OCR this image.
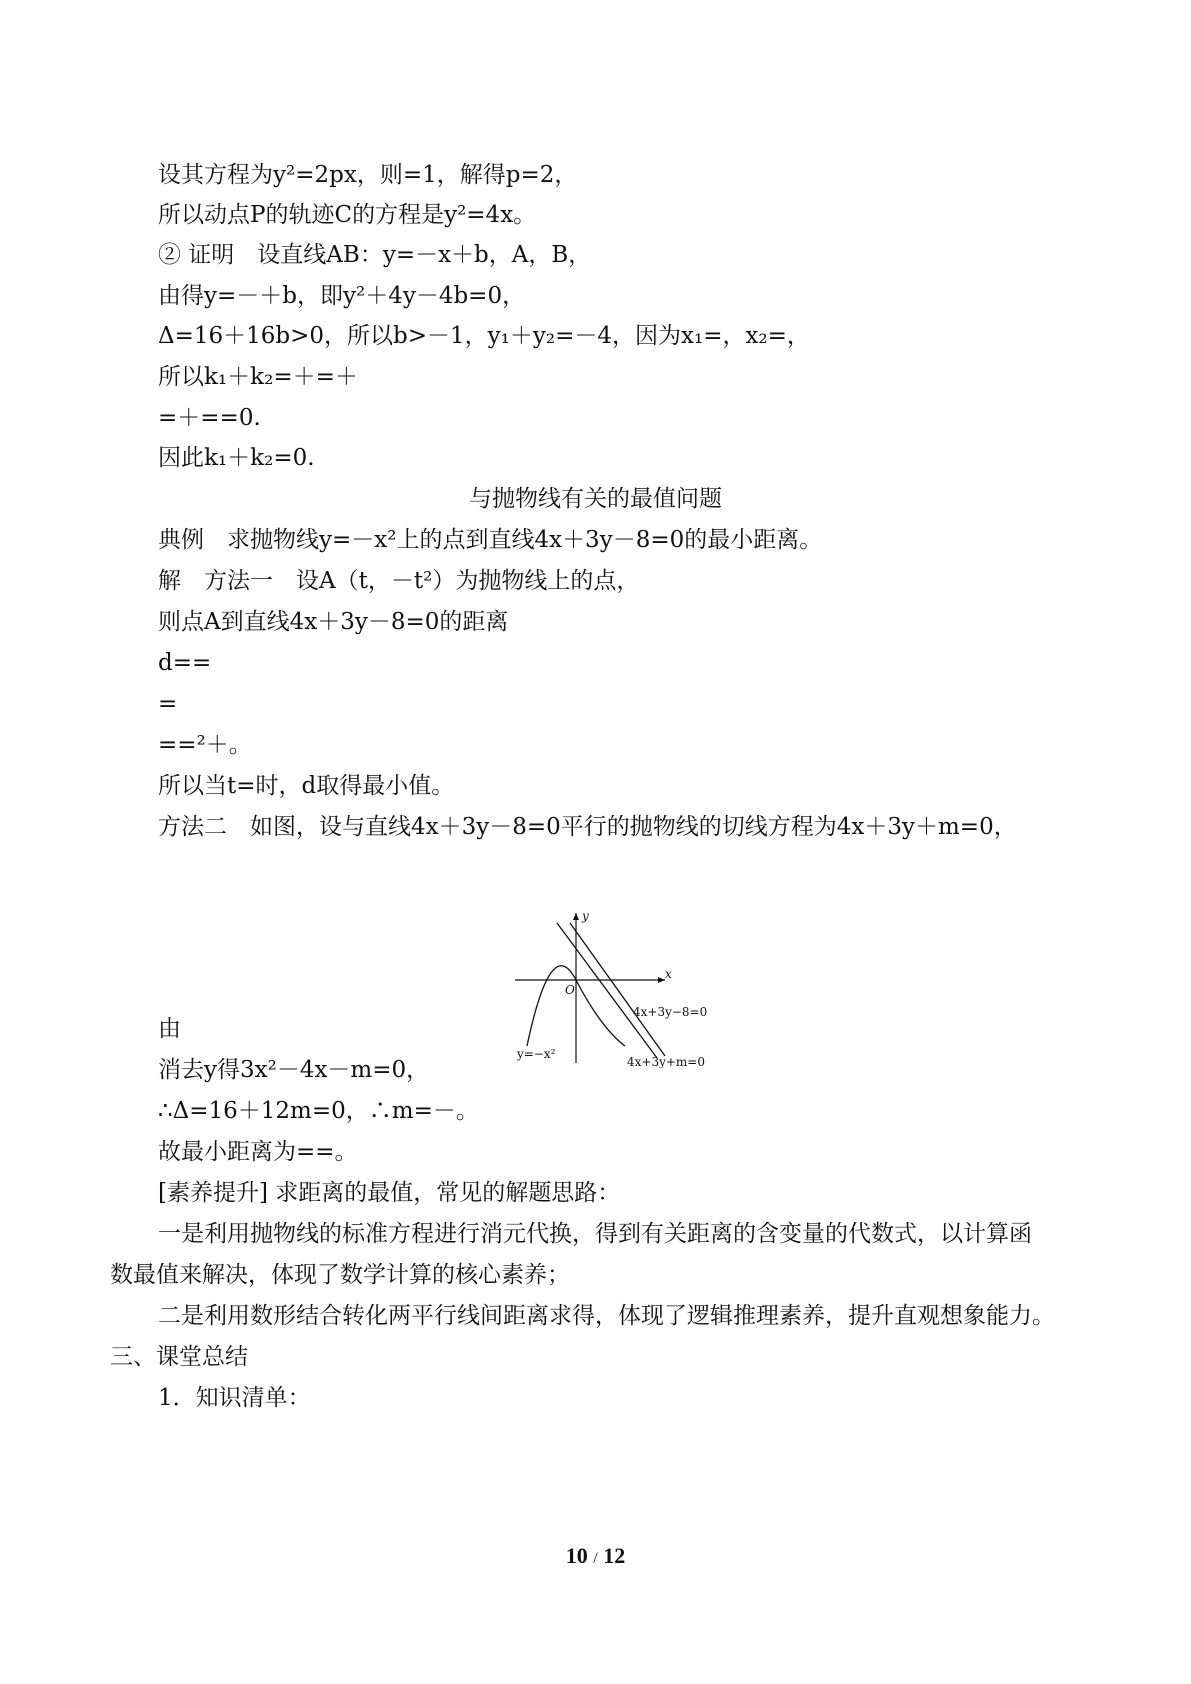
设其方程为y²=2px，则=1，解得p=2，
所以动点P的轨迹C的方程是y²=4x。
② 证明　设直线AB：y=－x＋b，A，B，
由得y=－＋b，即y²＋4y－4b=0，
Δ=16＋16b>0，所以b>－1，y₁＋y₂=－4，因为x₁=，x₂=，
所以k₁＋k₂=＋=＋
=＋==0.
因此k₁＋k₂=0.
与抛物线有关的最值问题
典例　求抛物线y=－x²上的点到直线4x＋3y－8=0的最小距离。
解　方法一　设A（t，－t²）为抛物线上的点，
则点A到直线4x＋3y－8=0的距离
d==
=
==²＋。
所以当t=时，d取得最小值。
方法二　如图，设与直线4x＋3y－8=0平行的抛物线的切线方程为4x＋3y＋m=0，
y
x
O
4x+3y−8=0
4x+3y+m=0
y=−x²
由
消去y得3x²－4x－m=0，
∴Δ=16＋12m=0，∴m=－。
故最小距离为==。
[素养提升] 求距离的最值，常见的解题思路：
一是利用抛物线的标准方程进行消元代换，得到有关距离的含变量的代数式，以计算函
数最值来解决，体现了数学计算的核心素养；
二是利用数形结合转化两平行线间距离求得，体现了逻辑推理素养，提升直观想象能力。
三、课堂总结
1．知识清单：
10 / 12
